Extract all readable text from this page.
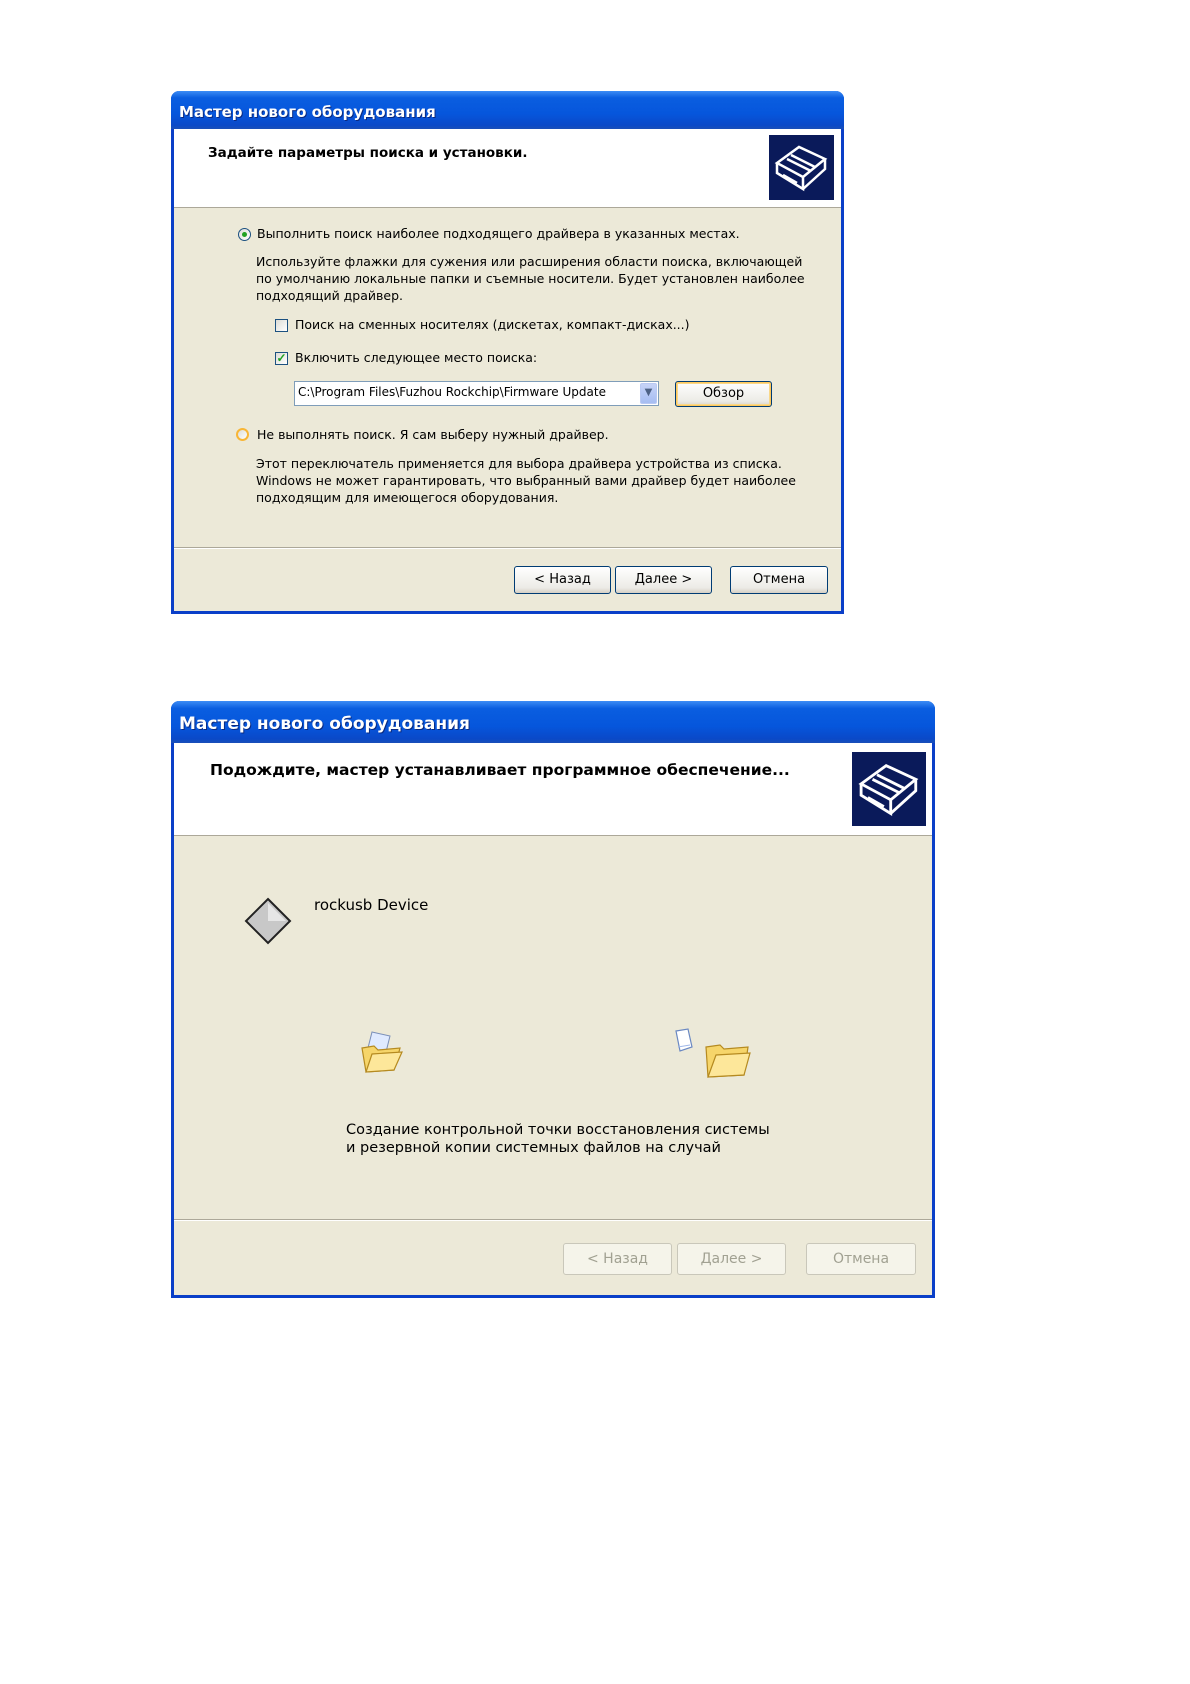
Мастер нового оборудования
Задайте параметры поиска и установки.
Выполнить поиск наиболее подходящего драйвера в указанных местах.
Используйте флажки для сужения или расширения области поиска, включающей
по умолчанию локальные папки и съемные носители. Будет установлен наиболее
подходящий драйвер.
Поиск на сменных носителях (дискетах, компакт-дисках...)
✓ Включить следующее место поиска:
C:\Program Files\Fuzhou Rockchip\Firmware Update	▼	Обзор
Не выполнять поиск. Я сам выберу нужный драйвер.
Этот переключатель применяется для выбора драйвера устройства из списка.
Windows не может гарантировать, что выбранный вами драйвер будет наиболее
подходящим для имеющегося оборудования.
< Назад	Далее >	Отмена
Мастер нового оборудования
Подождите, мастер устанавливает программное обеспечение...
rockusb Device
Создание контрольной точки восстановления системы
и резервной копии системных файлов на случай
< Назад	Далее >	Отмена
